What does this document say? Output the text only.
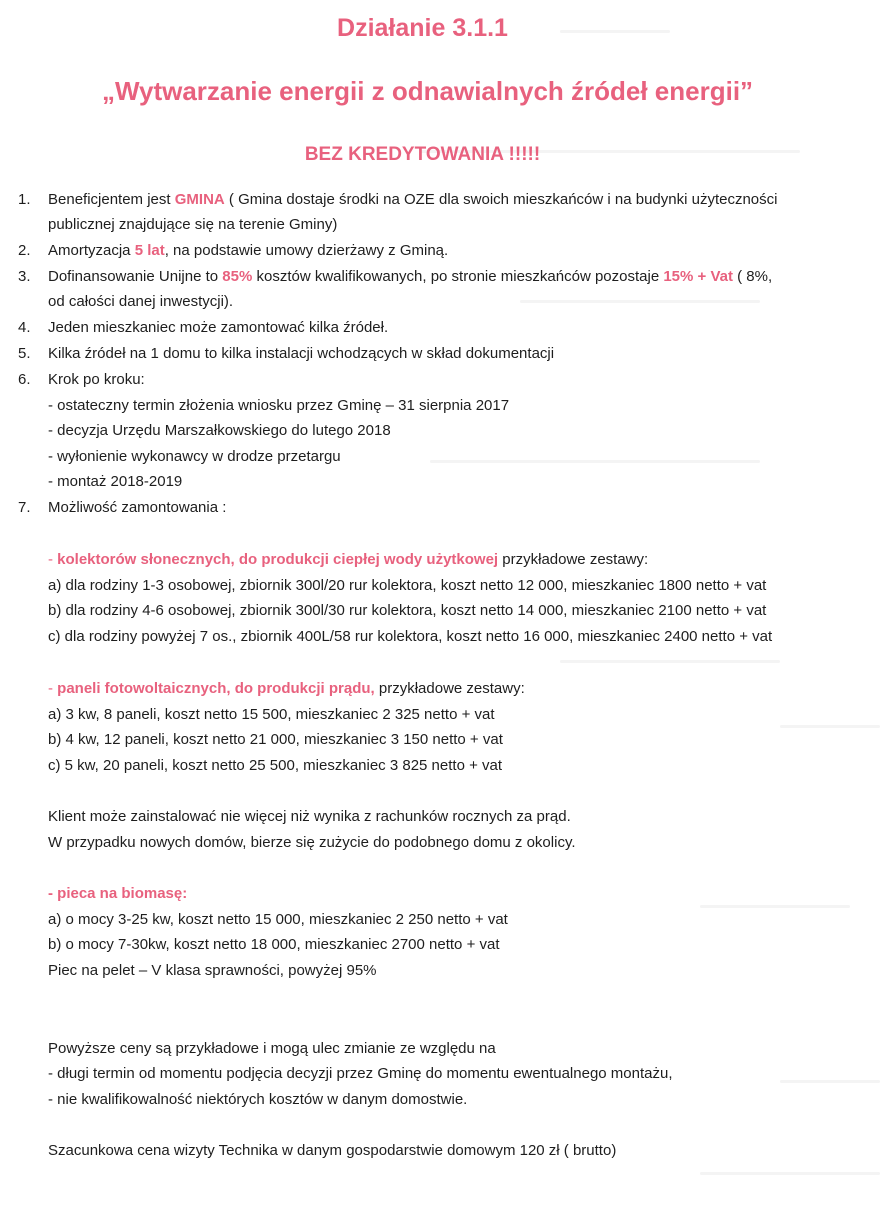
Działanie 3.1.1
„Wytwarzanie energii z odnawialnych źródeł energii”
BEZ KREDYTOWANIA !!!!!
1. Beneficjentem jest GMINA ( Gmina dostaje środki na OZE dla swoich mieszkańców i na budynki użyteczności
publicznej znajdujące się na terenie Gminy)
2. Amortyzacja 5 lat, na podstawie umowy dzierżawy z Gminą.
3. Dofinansowanie Unijne to 85% kosztów kwalifikowanych, po stronie mieszkańców pozostaje 15% + Vat ( 8%,
od całości danej inwestycji).
4. Jeden mieszkaniec może zamontować kilka źródeł.
5. Kilka źródeł na 1 domu to kilka instalacji wchodzących w skład dokumentacji
6. Krok po kroku:
- ostateczny termin złożenia wniosku przez Gminę – 31 sierpnia 2017
- decyzja Urzędu Marszałkowskiego do lutego 2018
- wyłonienie wykonawcy w drodze przetargu
- montaż 2018-2019
7. Możliwość zamontowania :
- kolektorów słonecznych, do produkcji ciepłej wody użytkowej przykładowe zestawy:
a) dla rodziny 1-3 osobowej, zbiornik 300l/20 rur kolektora, koszt netto 12 000, mieszkaniec 1800 netto + vat
b) dla rodziny 4-6 osobowej, zbiornik 300l/30 rur kolektora, koszt netto 14 000, mieszkaniec 2100 netto + vat
c) dla rodziny powyżej 7 os., zbiornik 400L/58 rur kolektora, koszt netto 16 000, mieszkaniec 2400 netto + vat
- paneli fotowoltaicznych, do produkcji prądu, przykładowe zestawy:
a) 3 kw, 8 paneli, koszt netto 15 500, mieszkaniec 2 325 netto + vat
b) 4 kw, 12 paneli, koszt netto 21 000, mieszkaniec 3 150 netto + vat
c) 5 kw, 20 paneli, koszt netto 25 500, mieszkaniec 3 825 netto + vat
Klient może zainstalować nie więcej niż wynika z rachunków rocznych za prąd.
W przypadku nowych domów, bierze się zużycie do podobnego domu z okolicy.
- pieca na biomasę:
a) o mocy 3-25 kw, koszt netto 15 000, mieszkaniec 2 250 netto + vat
b) o mocy 7-30kw, koszt netto 18 000, mieszkaniec 2700 netto + vat
Piec na pelet – V klasa sprawności, powyżej 95%
Powyższe ceny są przykładowe i mogą ulec zmianie ze względu na
- długi termin od momentu podjęcia decyzji przez Gminę do momentu ewentualnego montażu,
- nie kwalifikowalność niektórych kosztów w danym domostwie.
Szacunkowa cena wizyty Technika w danym gospodarstwie domowym 120 zł ( brutto)
